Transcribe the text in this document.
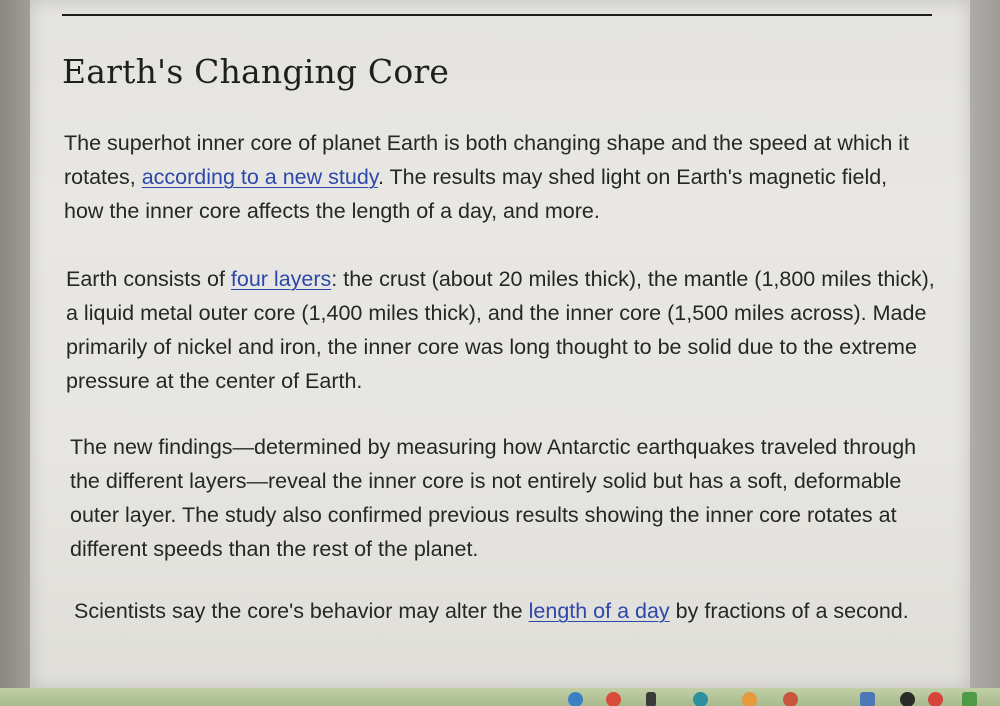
Earth's Changing Core

The superhot inner core of planet Earth is both changing shape and the speed at which it rotates, according to a new study. The results may shed light on Earth's magnetic field, how the inner core affects the length of a day, and more.

Earth consists of four layers: the crust (about 20 miles thick), the mantle (1,800 miles thick), a liquid metal outer core (1,400 miles thick), and the inner core (1,500 miles across). Made primarily of nickel and iron, the inner core was long thought to be solid due to the extreme pressure at the center of Earth.

The new findings—determined by measuring how Antarctic earthquakes traveled through the different layers—reveal the inner core is not entirely solid but has a soft, deformable outer layer. The study also confirmed previous results showing the inner core rotates at different speeds than the rest of the planet.

Scientists say the core's behavior may alter the length of a day by fractions of a second.
